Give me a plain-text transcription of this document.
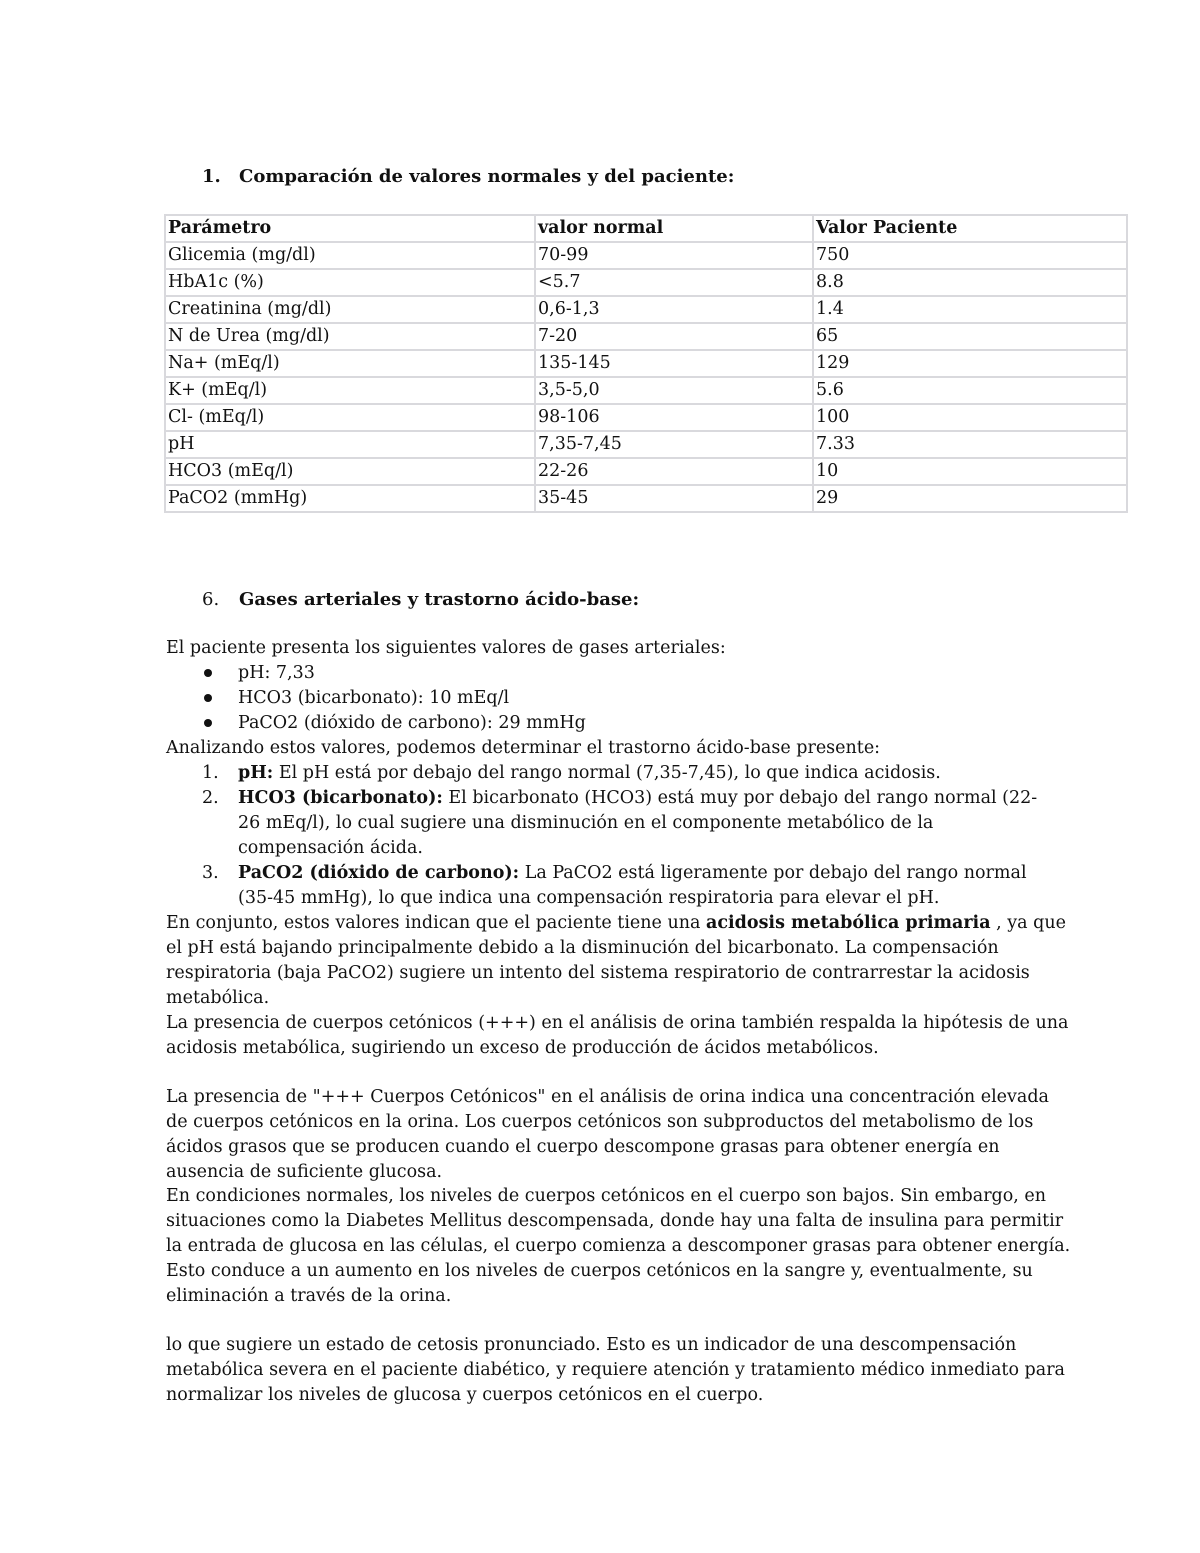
1. Comparación de valores normales y del paciente:
Parámetro	valor normal	Valor Paciente
Glicemia (mg/dl)	70-99	750
HbA1c (%)	<5.7	8.8
Creatinina (mg/dl)	0,6-1,3	1.4
N de Urea (mg/dl)	7-20	65
Na+ (mEq/l)	135-145	129
K+ (mEq/l)	3,5-5,0	5.6
Cl- (mEq/l)	98-106	100
pH	7,35-7,45	7.33
HCO3 (mEq/l)	22-26	10
PaCO2 (mmHg)	35-45	29
6. Gases arteriales y trastorno ácido-base:
El paciente presenta los siguientes valores de gases arteriales:
pH: 7,33
HCO3 (bicarbonato): 10 mEq/l
PaCO2 (dióxido de carbono): 29 mmHg
Analizando estos valores, podemos determinar el trastorno ácido-base presente:
1. pH: El pH está por debajo del rango normal (7,35-7,45), lo que indica acidosis.
2. HCO3 (bicarbonato): El bicarbonato (HCO3) está muy por debajo del rango normal (22-
26 mEq/l), lo cual sugiere una disminución en el componente metabólico de la
compensación ácida.
3. PaCO2 (dióxido de carbono): La PaCO2 está ligeramente por debajo del rango normal
(35-45 mmHg), lo que indica una compensación respiratoria para elevar el pH.
En conjunto, estos valores indican que el paciente tiene una acidosis metabólica primaria , ya que
el pH está bajando principalmente debido a la disminución del bicarbonato. La compensación
respiratoria (baja PaCO2) sugiere un intento del sistema respiratorio de contrarrestar la acidosis
metabólica.
La presencia de cuerpos cetónicos (+++) en el análisis de orina también respalda la hipótesis de una
acidosis metabólica, sugiriendo un exceso de producción de ácidos metabólicos.
La presencia de "+++ Cuerpos Cetónicos" en el análisis de orina indica una concentración elevada
de cuerpos cetónicos en la orina. Los cuerpos cetónicos son subproductos del metabolismo de los
ácidos grasos que se producen cuando el cuerpo descompone grasas para obtener energía en
ausencia de suficiente glucosa.
En condiciones normales, los niveles de cuerpos cetónicos en el cuerpo son bajos. Sin embargo, en
situaciones como la Diabetes Mellitus descompensada, donde hay una falta de insulina para permitir
la entrada de glucosa en las células, el cuerpo comienza a descomponer grasas para obtener energía.
Esto conduce a un aumento en los niveles de cuerpos cetónicos en la sangre y, eventualmente, su
eliminación a través de la orina.
lo que sugiere un estado de cetosis pronunciado. Esto es un indicador de una descompensación
metabólica severa en el paciente diabético, y requiere atención y tratamiento médico inmediato para
normalizar los niveles de glucosa y cuerpos cetónicos en el cuerpo.
